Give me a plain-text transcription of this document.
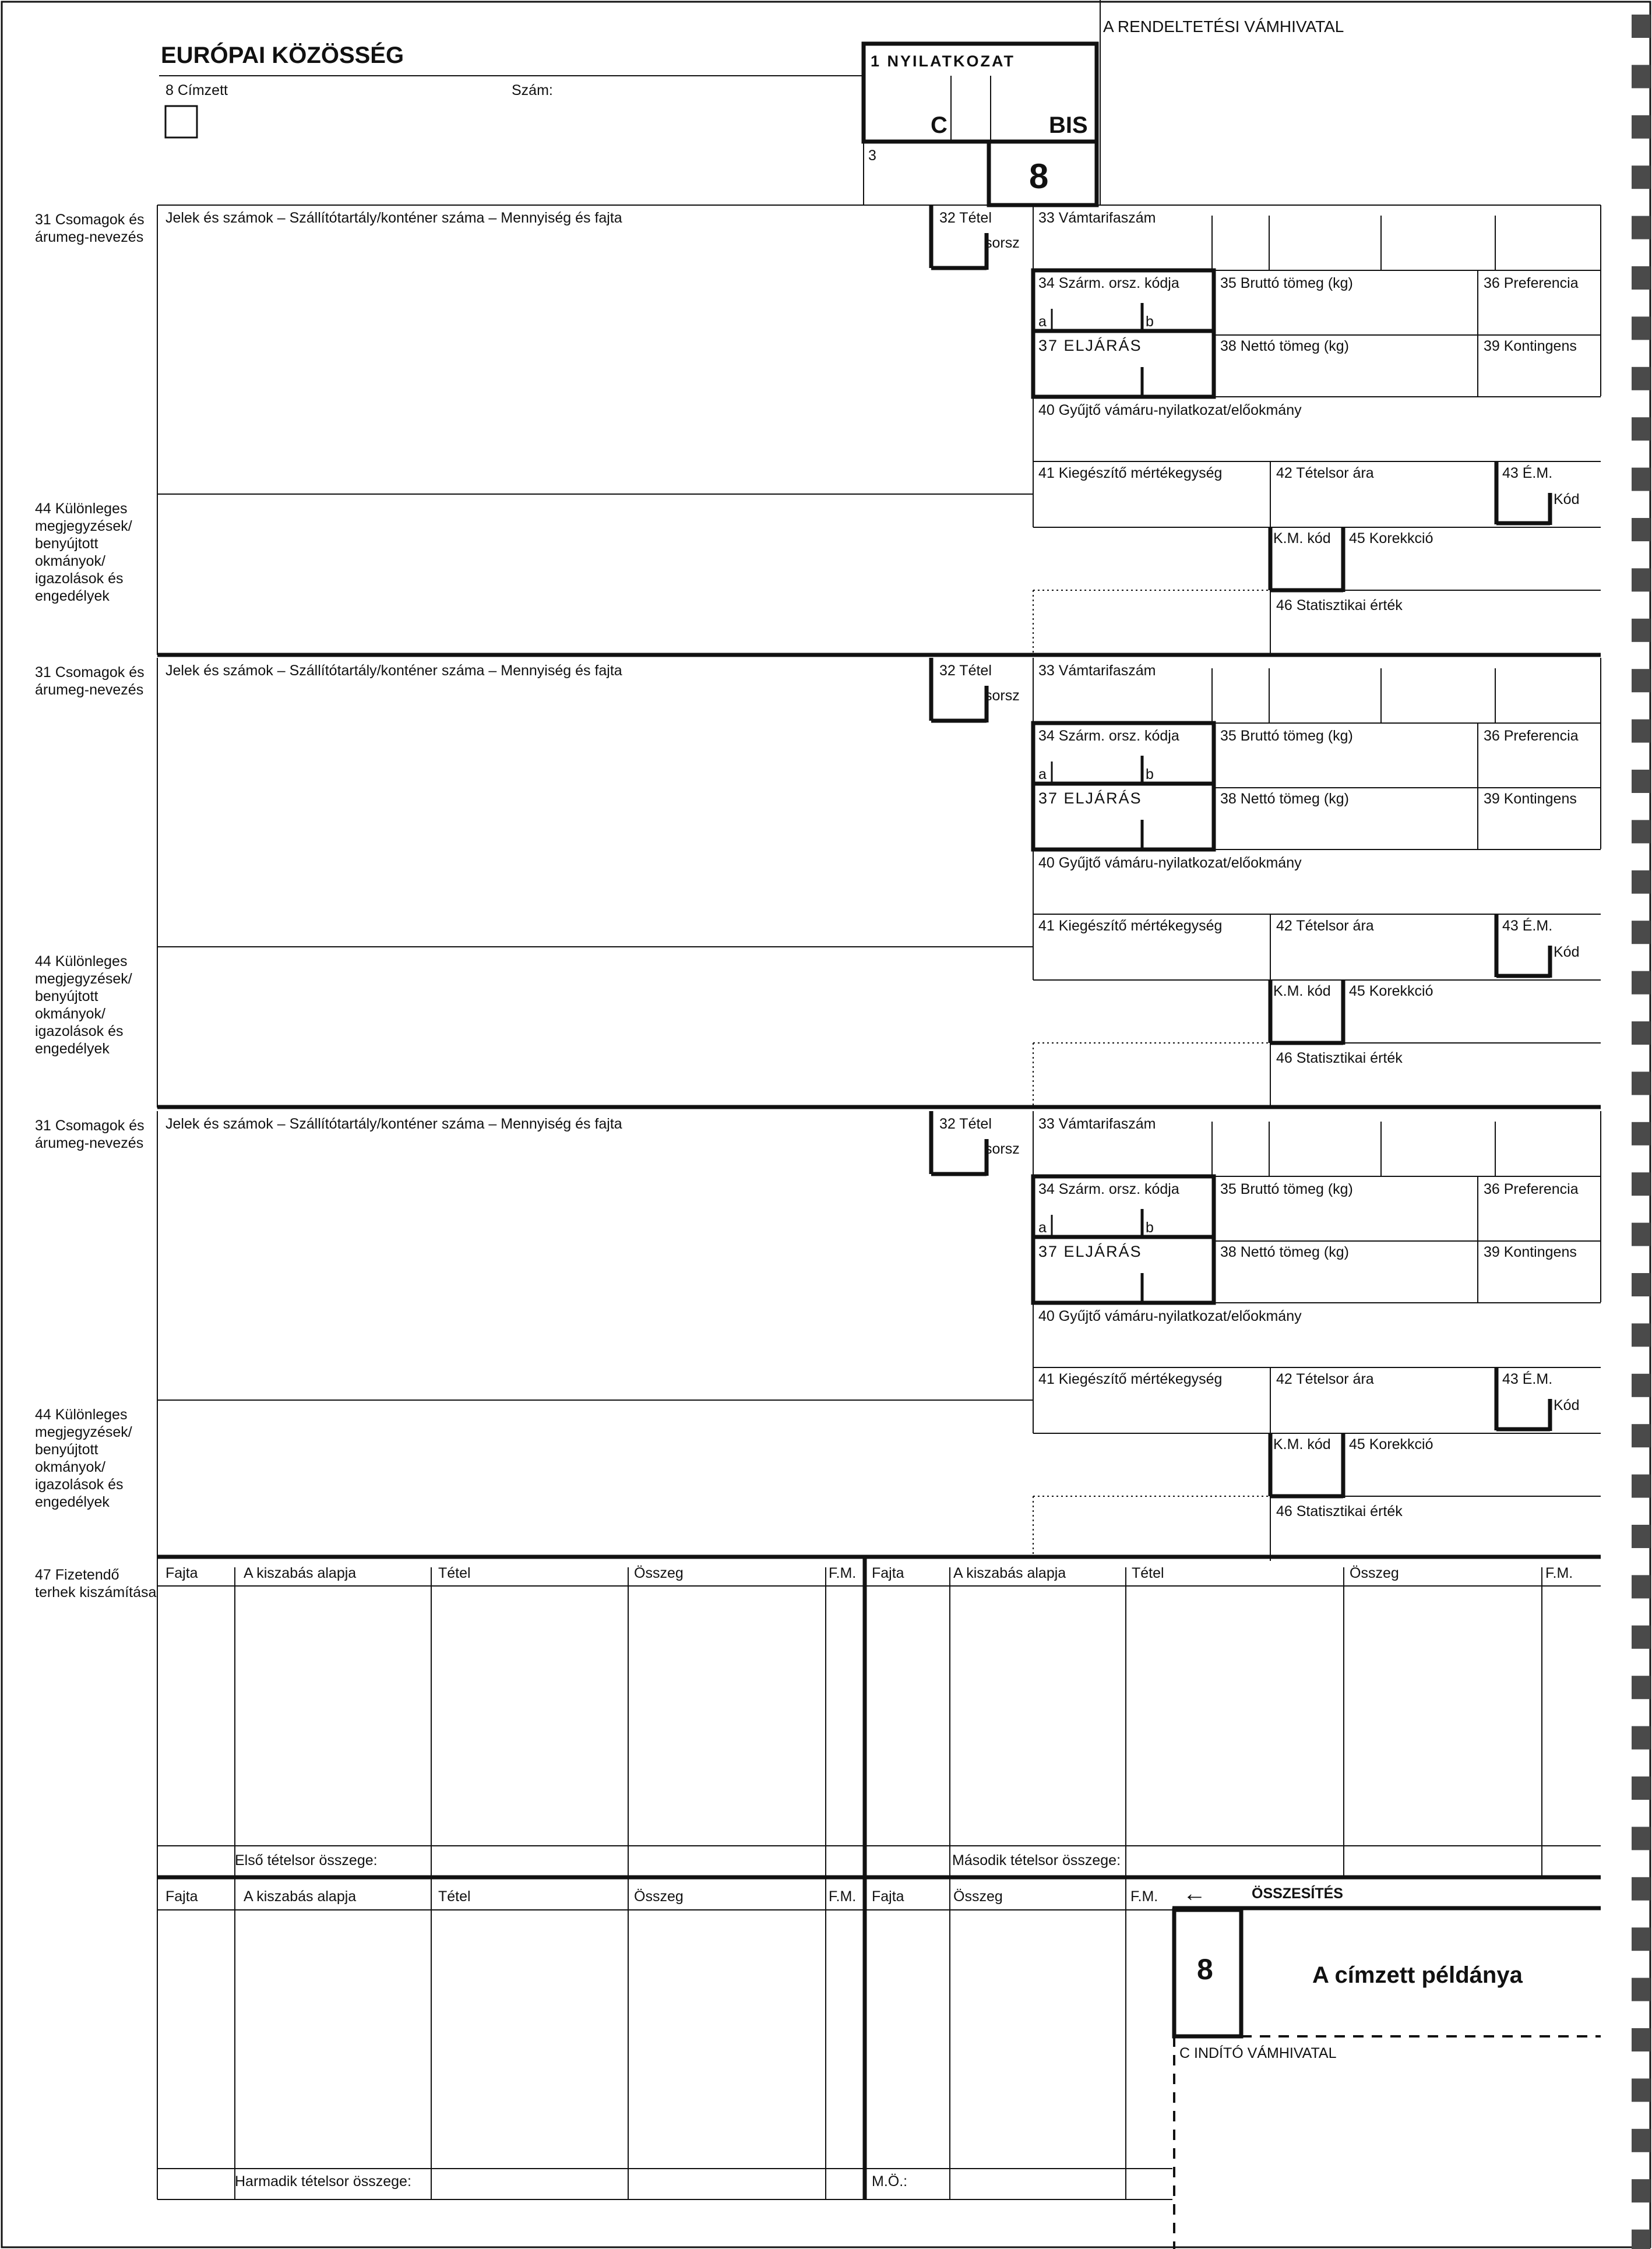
EURÓPAI KÖZÖSSÉG
8 Címzett	Szám:
A RENDELTETÉSI VÁMHIVATAL
1 NYILATKOZAT
C	BIS
3
8
31 Csomagok és árumeg-nevezés
Jelek és számok – Szállítótartály/konténer száma – Mennyiség és fajta	32 Tétel
sorsz
33 Vámtarifaszám
34 Szárm. orsz. kódja	35 Bruttó tömeg (kg)	36 Preferencia
a	b
37 ELJÁRÁS	38 Nettó tömeg (kg)	39 Kontingens
40 Gyűjtő vámáru-nyilatkozat/előokmány
41 Kiegészítő mértékegység	42 Tételsor ára	43 É.M.
Kód
44 Különleges megjegyzések/ benyújtott okmányok/ igazolások és engedélyek
K.M. kód 45 Korekkció
46 Statisztikai érték
31 Csomagok és árumeg-nevezés
Jelek és számok – Szállítótartály/konténer száma – Mennyiség és fajta	32 Tétel
sorsz
33 Vámtarifaszám
34 Szárm. orsz. kódja	35 Bruttó tömeg (kg)	36 Preferencia
a	b
37 ELJÁRÁS	38 Nettó tömeg (kg)	39 Kontingens
40 Gyűjtő vámáru-nyilatkozat/előokmány
41 Kiegészítő mértékegység	42 Tételsor ára	43 É.M.
Kód
44 Különleges megjegyzések/ benyújtott okmányok/ igazolások és engedélyek
K.M. kód 45 Korekkció
46 Statisztikai érték
31 Csomagok és árumeg-nevezés
Jelek és számok – Szállítótartály/konténer száma – Mennyiség és fajta	32 Tétel
sorsz
33 Vámtarifaszám
34 Szárm. orsz. kódja	35 Bruttó tömeg (kg)	36 Preferencia
a	b
37 ELJÁRÁS	38 Nettó tömeg (kg)	39 Kontingens
40 Gyűjtő vámáru-nyilatkozat/előokmány
41 Kiegészítő mértékegység	42 Tételsor ára	43 É.M.
Kód
44 Különleges megjegyzések/ benyújtott okmányok/ igazolások és engedélyek
K.M. kód 45 Korekkció
46 Statisztikai érték
47 Fizetendő terhek kiszámítása
Fajta	A kiszabás alapja	Tétel	Összeg	F.M. Fajta	A kiszabás alapja	Tétel	Összeg	F.M.
Első tételsor összege:	Második tételsor összege:
Fajta	A kiszabás alapja	Tétel	Összeg	F.M. Fajta	Összeg	F.M.
Harmadik tételsor összege:	M.Ö.:
←	ÖSSZESÍTÉS
8	A címzett példánya
C INDÍTÓ VÁMHIVATAL
